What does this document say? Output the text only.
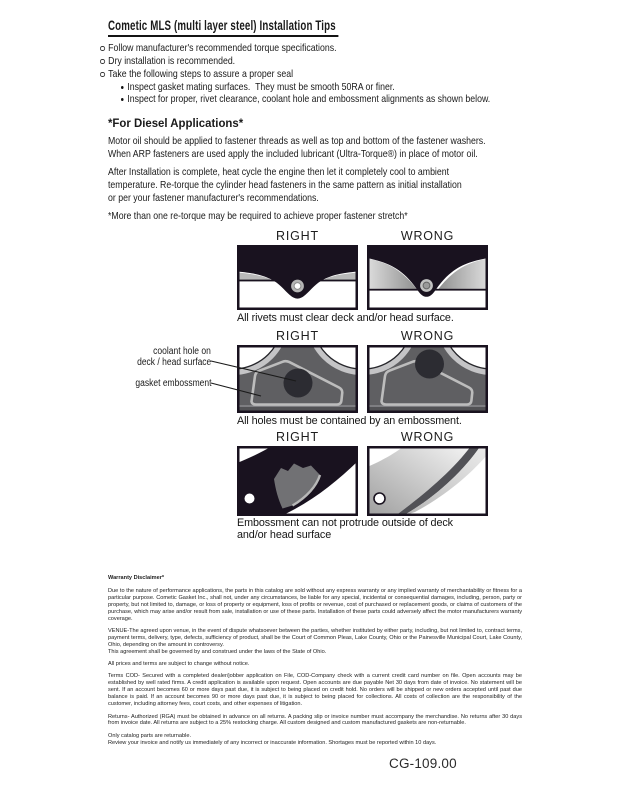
Cometic MLS (multi layer steel) Installation Tips
Follow manufacturer's recommended torque specifications.
Dry installation is recommended.
Take the following steps to assure a proper seal
Inspect gasket mating surfaces.  They must be smooth 50RA or finer.
Inspect for proper, rivet clearance, coolant hole and embossment alignments as shown below.
*For Diesel Applications*
Motor oil should be applied to fastener threads as well as top and bottom of the fastener washers.
When ARP fasteners are used apply the included lubricant (Ultra-Torque®) in place of motor oil.
After Installation is complete, heat cycle the engine then let it completely cool to ambient
temperature. Re-torque the cylinder head fasteners in the same pattern as initial installation
or per your fastener manufacturer's recommendations.
*More than one re-torque may be required to achieve proper fastener stretch*
RIGHT	WRONG
All rivets must clear deck and/or head surface.
RIGHT	WRONG
coolant hole on
deck / head surface
gasket embossment
All holes must be contained by an embossment.
RIGHT	WRONG
Embossment can not protrude outside of deck
and/or head surface

Warranty Disclaimer*

Due to the nature of performance applications, the parts in this catalog are sold without any express warranty or any implied warranty of merchantability or fitness for a particular purpose. Cometic Gasket Inc., shall not, under any circumstances, be liable for any special, incidental or consequential damages, including, person, party or property, but not limited to, damage, or loss of property or equipment, loss of profits or revenue, cost of purchased or replacement goods, or claims of customers of the purchase, which may arise and/or result from sale, installation or use of these parts. Installation of these parts could adversely affect the motor manufacturers warranty coverage.

VENUE-The agreed upon venue, in the event of dispute whatsoever between the parties, whether instituted by either party, including, but not limited to, contract terms, payment terms, delivery, type, defects, sufficiency of product, shall be the Court of Common Pleas, Lake County, Ohio or the Painesville Municipal Court, Lake County, Ohio, depending on the amount in controversy.

This agreement shall be governed by and construed under the laws of the State of Ohio.

All prices and terms are subject to change without notice.

Terms COD- Secured with a completed dealer/jobber application on File, COD-Company check with a current credit card number on file. Open accounts may be established by well rated firms. A credit application is available upon request. Open accounts are due payable Net 30 days from date of invoice. No statement will be sent. If an account becomes 60 or more days past due, it is subject to being placed on credit hold. No orders will be shipped or new orders accepted until past due balance is paid. If an account becomes 90 or more days past due, it is subject to being placed for collections. All costs of collection are the responsibility of the customer, including attorney fees, court costs, and other expenses of litigation.

Returns- Authorized (RGA) must be obtained in advance on all returns. A packing slip or invoice number must accompany the merchandise. No returns after 30 days from invoice date. All returns are subject to a 25% restocking charge. All custom designed and custom manufactured gaskets are non-returnable.

Only catalog parts are returnable.

Review your invoice and notify us immediately of any incorrect or inaccurate information. Shortages must be reported within 10 days.

CG-109.00
